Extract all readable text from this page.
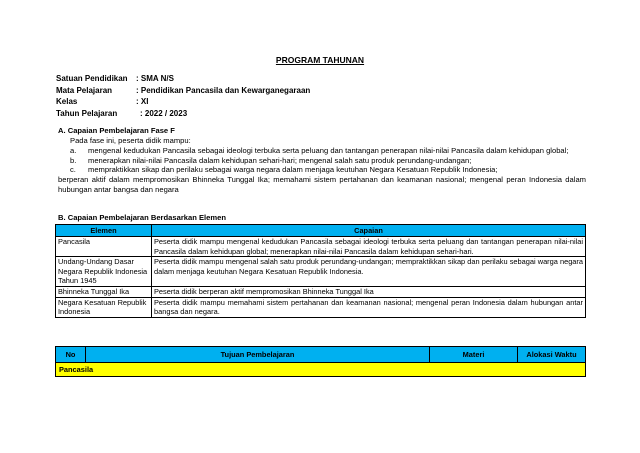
PROGRAM TAHUNAN
Satuan Pendidikan : SMA N/S
Mata Pelajaran	: Pendidikan Pancasila dan Kewarganegaraan
Kelas	: XI
Tahun Pelajaran	: 2022 / 2023
A. Capaian Pembelajaran Fase F
Pada fase ini, peserta didik mampu:
a.	mengenal kedudukan Pancasila sebagai ideologi terbuka serta peluang dan tantangan penerapan nilai-nilai Pancasila dalam kehidupan global;
b.	menerapkan nilai-nilai Pancasila dalam kehidupan sehari-hari; mengenal salah satu produk perundang-undangan;
c.	mempraktikkan sikap dan perilaku sebagai warga negara dalam menjaga keutuhan Negara Kesatuan Republik Indonesia;
berperan aktif dalam mempromosikan Bhinneka Tunggal Ika; memahami sistem pertahanan dan keamanan nasional; mengenal peran Indonesia dalam hubungan antar bangsa dan negara
B. Capaian Pembelajaran Berdasarkan Elemen
Elemen	Capaian
Pancasila	Peserta didik mampu mengenal kedudukan Pancasila sebagai ideologi terbuka serta peluang dan tantangan penerapan nilai-nilai Pancasila dalam kehidupan global; menerapkan nilai-nilai Pancasila dalam kehidupan sehari-hari.
Undang-Undang Dasar Negara Republik Indonesia Tahun 1945	Peserta didik mampu mengenal salah satu produk perundang-undangan; mempraktikkan sikap dan perilaku sebagai warga negara dalam menjaga keutuhan Negara Kesatuan Republik Indonesia.
Bhinneka Tunggal Ika	Peserta didik berperan aktif mempromosikan Bhinneka Tunggal Ika
Negara Kesatuan Republik Indonesia	Peserta didik mampu memahami sistem pertahanan dan keamanan nasional; mengenal peran Indonesia dalam hubungan antar bangsa dan negara.
No	Tujuan Pembelajaran	Materi	Alokasi Waktu
Pancasila
